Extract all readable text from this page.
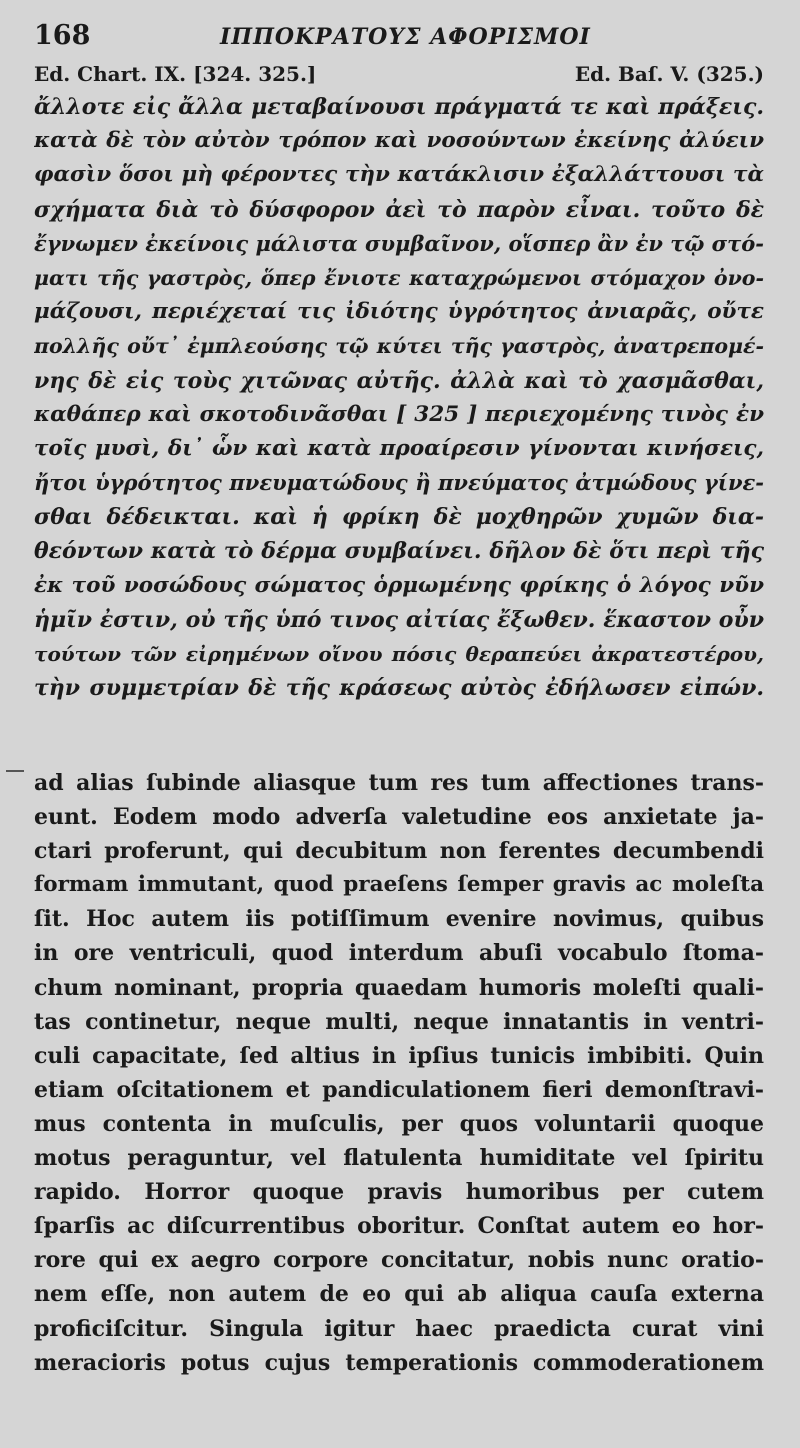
168	ΙΠΠΟΚΡΑΤΟΥΣ ΑΦΟΡΙΣΜΟΙ
Ed. Chart. IX. [324. 325.]	Ed. Baſ. V. (325.)
ἄλλοτε εἰς ἄλλα μεταβαίνουσι πράγματά τε καὶ πράξεις.
κατὰ δὲ τὸν αὐτὸν τρόπον καὶ νοσούντων ἐκείνης ἀλύειν
φασὶν ὅσοι μὴ φέροντες τὴν κατάκλισιν ἐξαλλάττουσι τὰ
σχήματα διὰ τὸ δύσφορον ἀεὶ τὸ παρὸν εἶναι. τοῦτο δὲ
ἔγνωμεν ἐκείνοις μάλιστα συμβαῖνον, οἵσπερ ἂν ἐν τῷ στό-
ματι τῆς γαστρὸς, ὅπερ ἔνιοτε καταχρώμενοι στόμαχον ὀνο-
μάζουσι, περιέχεταί τις ἰδιότης ὑγρότητος ἀνιαρᾶς, οὔτε
πολλῆς οὔτ᾽ ἐμπλεούσης τῷ κύτει τῆς γαστρὸς, ἀνατρεπομέ-
νης δὲ εἰς τοὺς χιτῶνας αὐτῆς. ἀλλὰ καὶ τὸ χασμᾶσθαι,
καθάπερ καὶ σκοτοδινᾶσθαι [ 325 ] περιεχομένης τινὸς ἐν
τοῖς μυσὶ, δι᾽ ὧν καὶ κατὰ προαίρεσιν γίνονται κινήσεις,
ἤτοι ὑγρότητος πνευματώδους ἢ πνεύματος ἀτμώδους γίνε-
σθαι δέδεικται. καὶ ἡ φρίκη δὲ μοχθηρῶν χυμῶν δια-
θεόντων κατὰ τὸ δέρμα συμβαίνει. δῆλον δὲ ὅτι περὶ τῆς
ἐκ τοῦ νοσώδους σώματος ὁρμωμένης φρίκης ὁ λόγος νῦν
ἡμῖν ἐστιν, οὐ τῆς ὑπό τινος αἰτίας ἔξωθεν. ἕκαστον οὖν
τούτων τῶν εἰρημένων οἴνου πόσις θεραπεύει ἀκρατεστέρου,
τὴν συμμετρίαν δὲ τῆς κράσεως αὐτὸς ἐδήλωσεν εἰπών.
ad alias ſubinde aliasque tum res tum affectiones trans-
eunt. Eodem modo adverſa valetudine eos anxietate ja-
ctari proferunt, qui decubitum non ferentes decumbendi
formam immutant, quod praeſens ſemper gravis ac moleſta
ſit. Hoc autem iis potiſſimum evenire novimus, quibus
in ore ventriculi, quod interdum abuſi vocabulo ſtoma-
chum nominant, propria quaedam humoris moleſti quali-
tas continetur, neque multi, neque innatantis in ventri-
culi capacitate, ſed altius in ipſius tunicis imbibiti. Quin
etiam oſcitationem et pandiculationem fieri demonſtravi-
mus contenta in muſculis, per quos voluntarii quoque
motus peraguntur, vel flatulenta humiditate vel ſpiritu
rapido. Horror quoque pravis humoribus per cutem
ſparſis ac diſcurrentibus oboritur. Conſtat autem eo hor-
rore qui ex aegro corpore concitatur, nobis nunc oratio-
nem eſſe, non autem de eo qui ab aliqua cauſa externa
proficiſcitur. Singula igitur haec praedicta curat vini
meracioris potus cujus temperationis commoderationem
